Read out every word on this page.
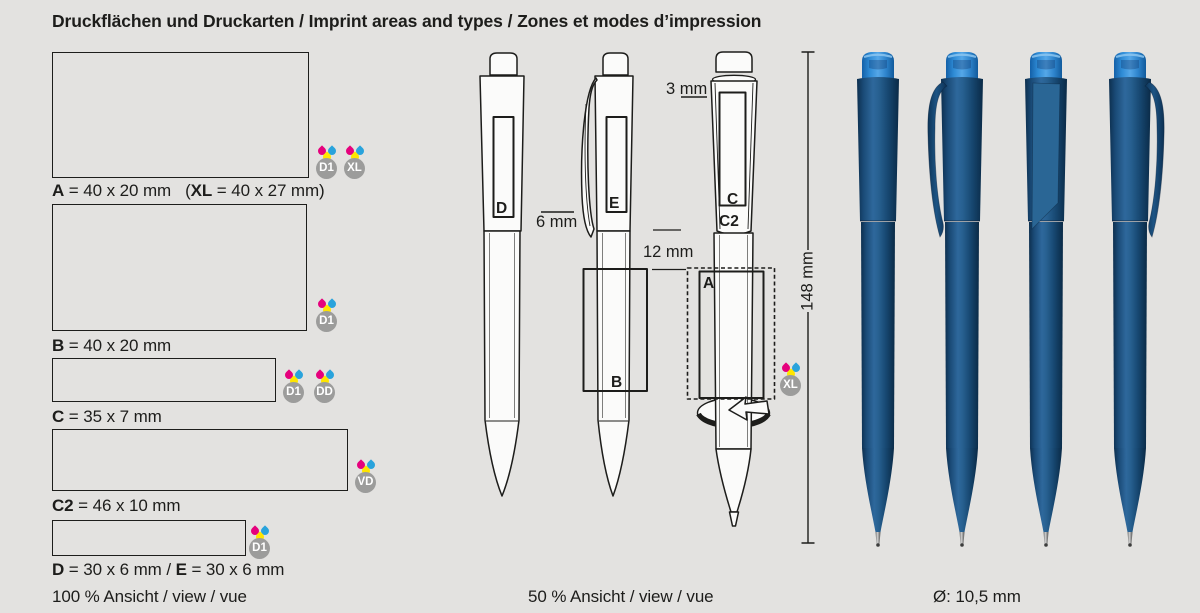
Druckflächen und Druckarten / Imprint areas and types / Zones et modes d’impression
A = 40 x 20 mm (XL = 40 x 27 mm)
D1 XL
B = 40 x 20 mm
D1
C = 35 x 7 mm
D1 DD
C2 = 46 x 10 mm
VD
D = 30 x 6 mm / E = 30 x 6 mm
D1
XL
D	E	C
C2
A
B
3 mm
6 mm
12 mm	148 mm
100 % Ansicht / view / vue	50 % Ansicht / view / vue	Ø: 10,5 mm
